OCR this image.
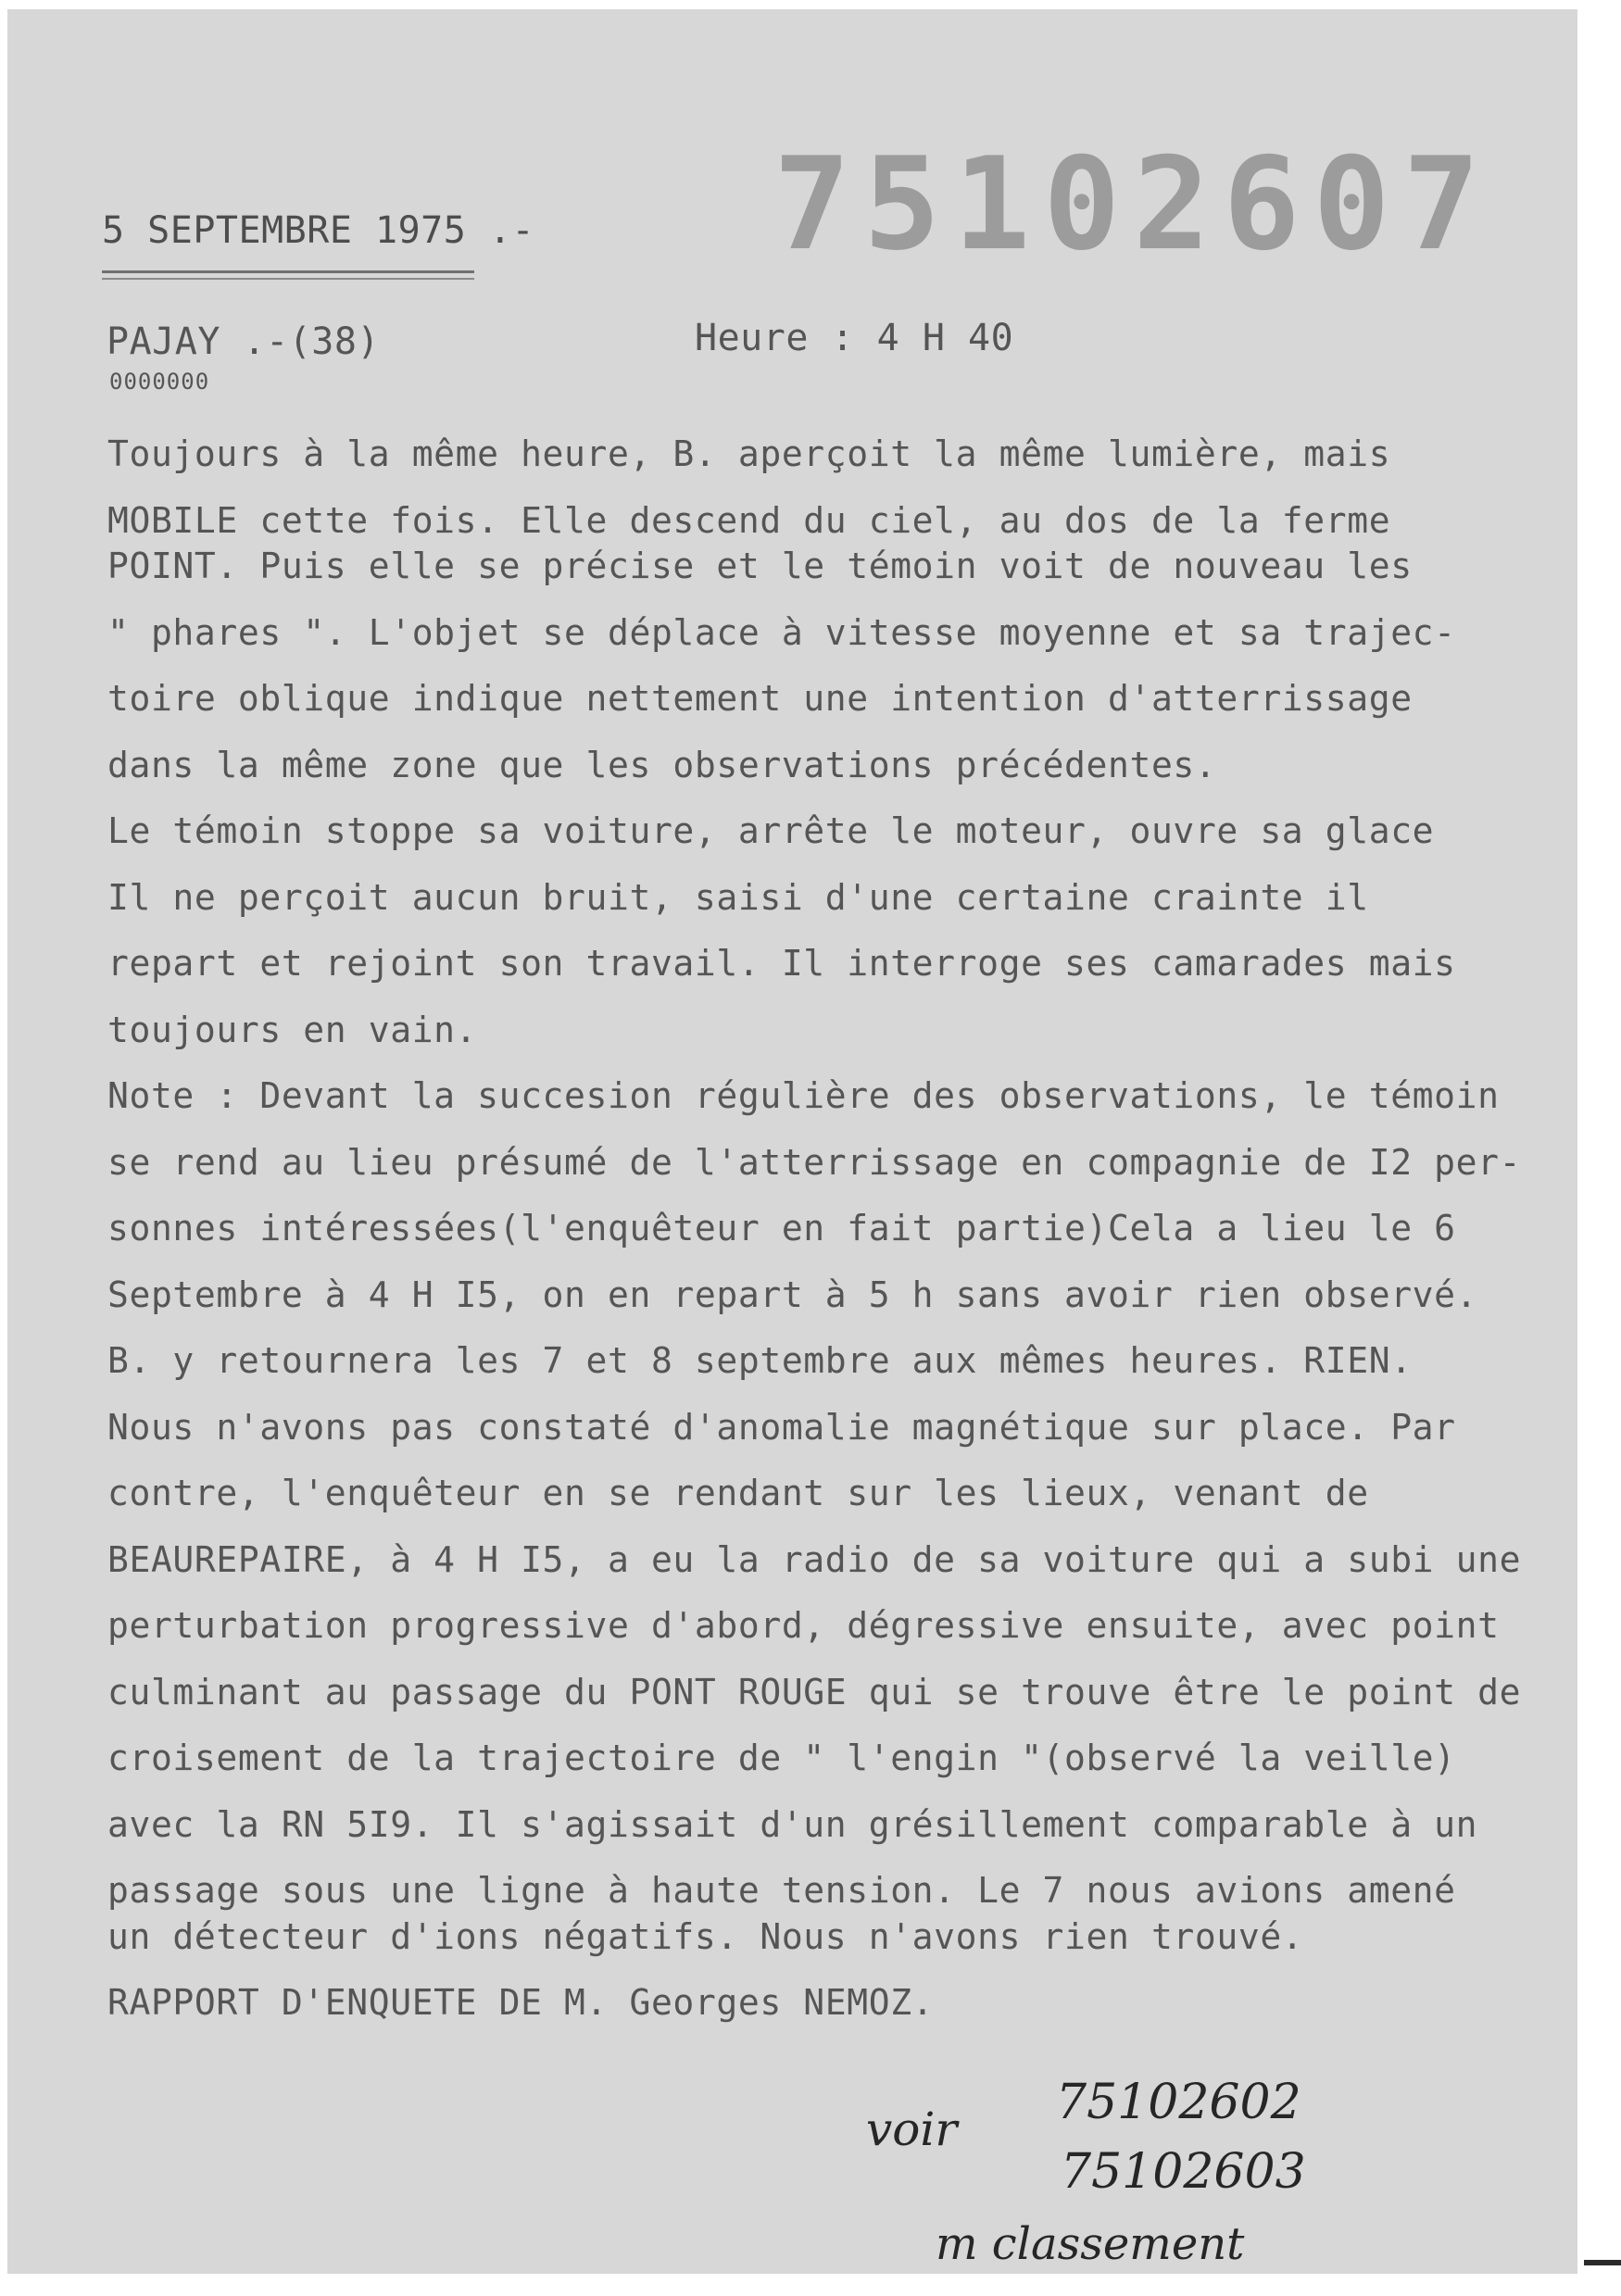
5 SEPTEMBRE 1975 .- 75102607
PAJAY .-(38)
0000000
Heure : 4 H 40
Toujours à la même heure, B. aperçoit la même lumière, mais
MOBILE cette fois. Elle descend du ciel, au dos de la ferme
POINT. Puis elle se précise et le témoin voit de nouveau les
" phares ". L'objet se déplace à vitesse moyenne et sa trajec-
toire oblique indique nettement une intention d'atterrissage
dans la même zone que les observations précédentes.
Le témoin stoppe sa voiture, arrête le moteur, ouvre sa glace
Il ne perçoit aucun bruit, saisi d'une certaine crainte il
repart et rejoint son travail. Il interroge ses camarades mais
toujours en vain.
Note : Devant la succesion régulière des observations, le témoin
se rend au lieu présumé de l'atterrissage en compagnie de I2 per-
sonnes intéressées(l'enquêteur en fait partie)Cela a lieu le 6
Septembre à 4 H I5, on en repart à 5 h sans avoir rien observé.
B. y retournera les 7 et 8 septembre aux mêmes heures. RIEN.
Nous n'avons pas constaté d'anomalie magnétique sur place. Par
contre, l'enquêteur en se rendant sur les lieux, venant de
BEAUREPAIRE, à 4 H I5, a eu la radio de sa voiture qui a subi une
perturbation progressive d'abord, dégressive ensuite, avec point
culminant au passage du PONT ROUGE qui se trouve être le point de
croisement de la trajectoire de " l'engin "(observé la veille)
avec la RN 5I9. Il s'agissait d'un grésillement comparable à un
passage sous une ligne à haute tension. Le 7 nous avions amené
un détecteur d'ions négatifs. Nous n'avons rien trouvé.
RAPPORT D'ENQUETE DE M. Georges NEMOZ.
voir 75102602
75102603
m classement
